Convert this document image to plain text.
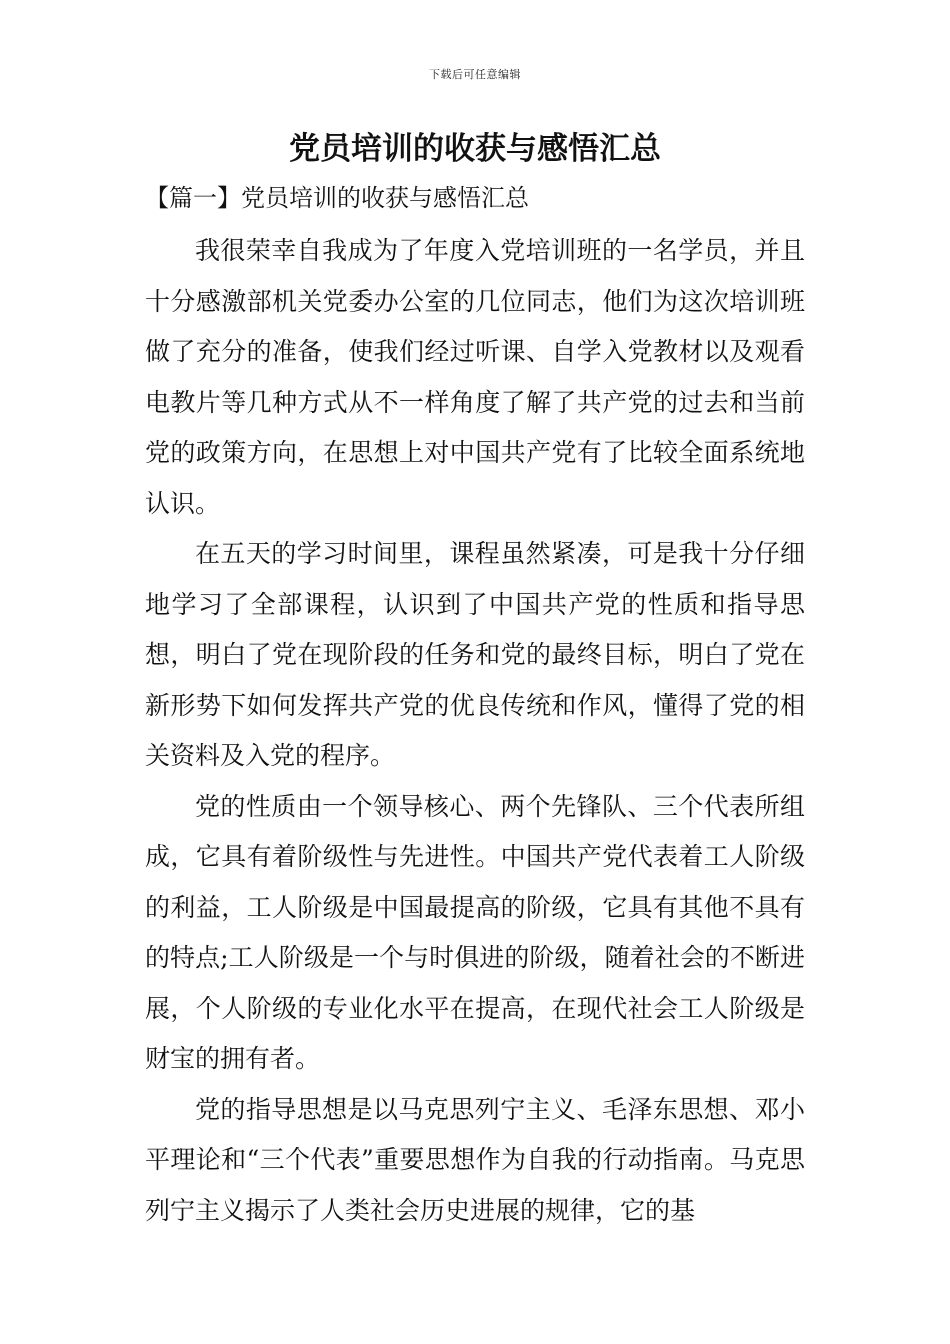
下载后可任意编辑
党员培训的收获与感悟汇总
【篇一】党员培训的收获与感悟汇总

我很荣幸自我成为了年度入党培训班的一名学员，并且十分感激部机关党委办公室的几位同志，他们为这次培训班做了充分的准备，使我们经过听课、自学入党教材以及观看电教片等几种方式从不一样角度了解了共产党的过去和当前党的政策方向，在思想上对中国共产党有了比较全面系统地认识。

在五天的学习时间里，课程虽然紧凑，可是我十分仔细地学习了全部课程，认识到了中国共产党的性质和指导思想，明白了党在现阶段的任务和党的最终目标，明白了党在新形势下如何发挥共产党的优良传统和作风，懂得了党的相关资料及入党的程序。

党的性质由一个领导核心、两个先锋队、三个代表所组成，它具有着阶级性与先进性。中国共产党代表着工人阶级的利益，工人阶级是中国最提高的阶级，它具有其他不具有的特点;工人阶级是一个与时俱进的阶级，随着社会的不断进展，个人阶级的专业化水平在提高，在现代社会工人阶级是财宝的拥有者。

党的指导思想是以马克思列宁主义、毛泽东思想、邓小平理论和“三个代表”重要思想作为自我的行动指南。马克思列宁主义揭示了人类社会历史进展的规律，它的基
